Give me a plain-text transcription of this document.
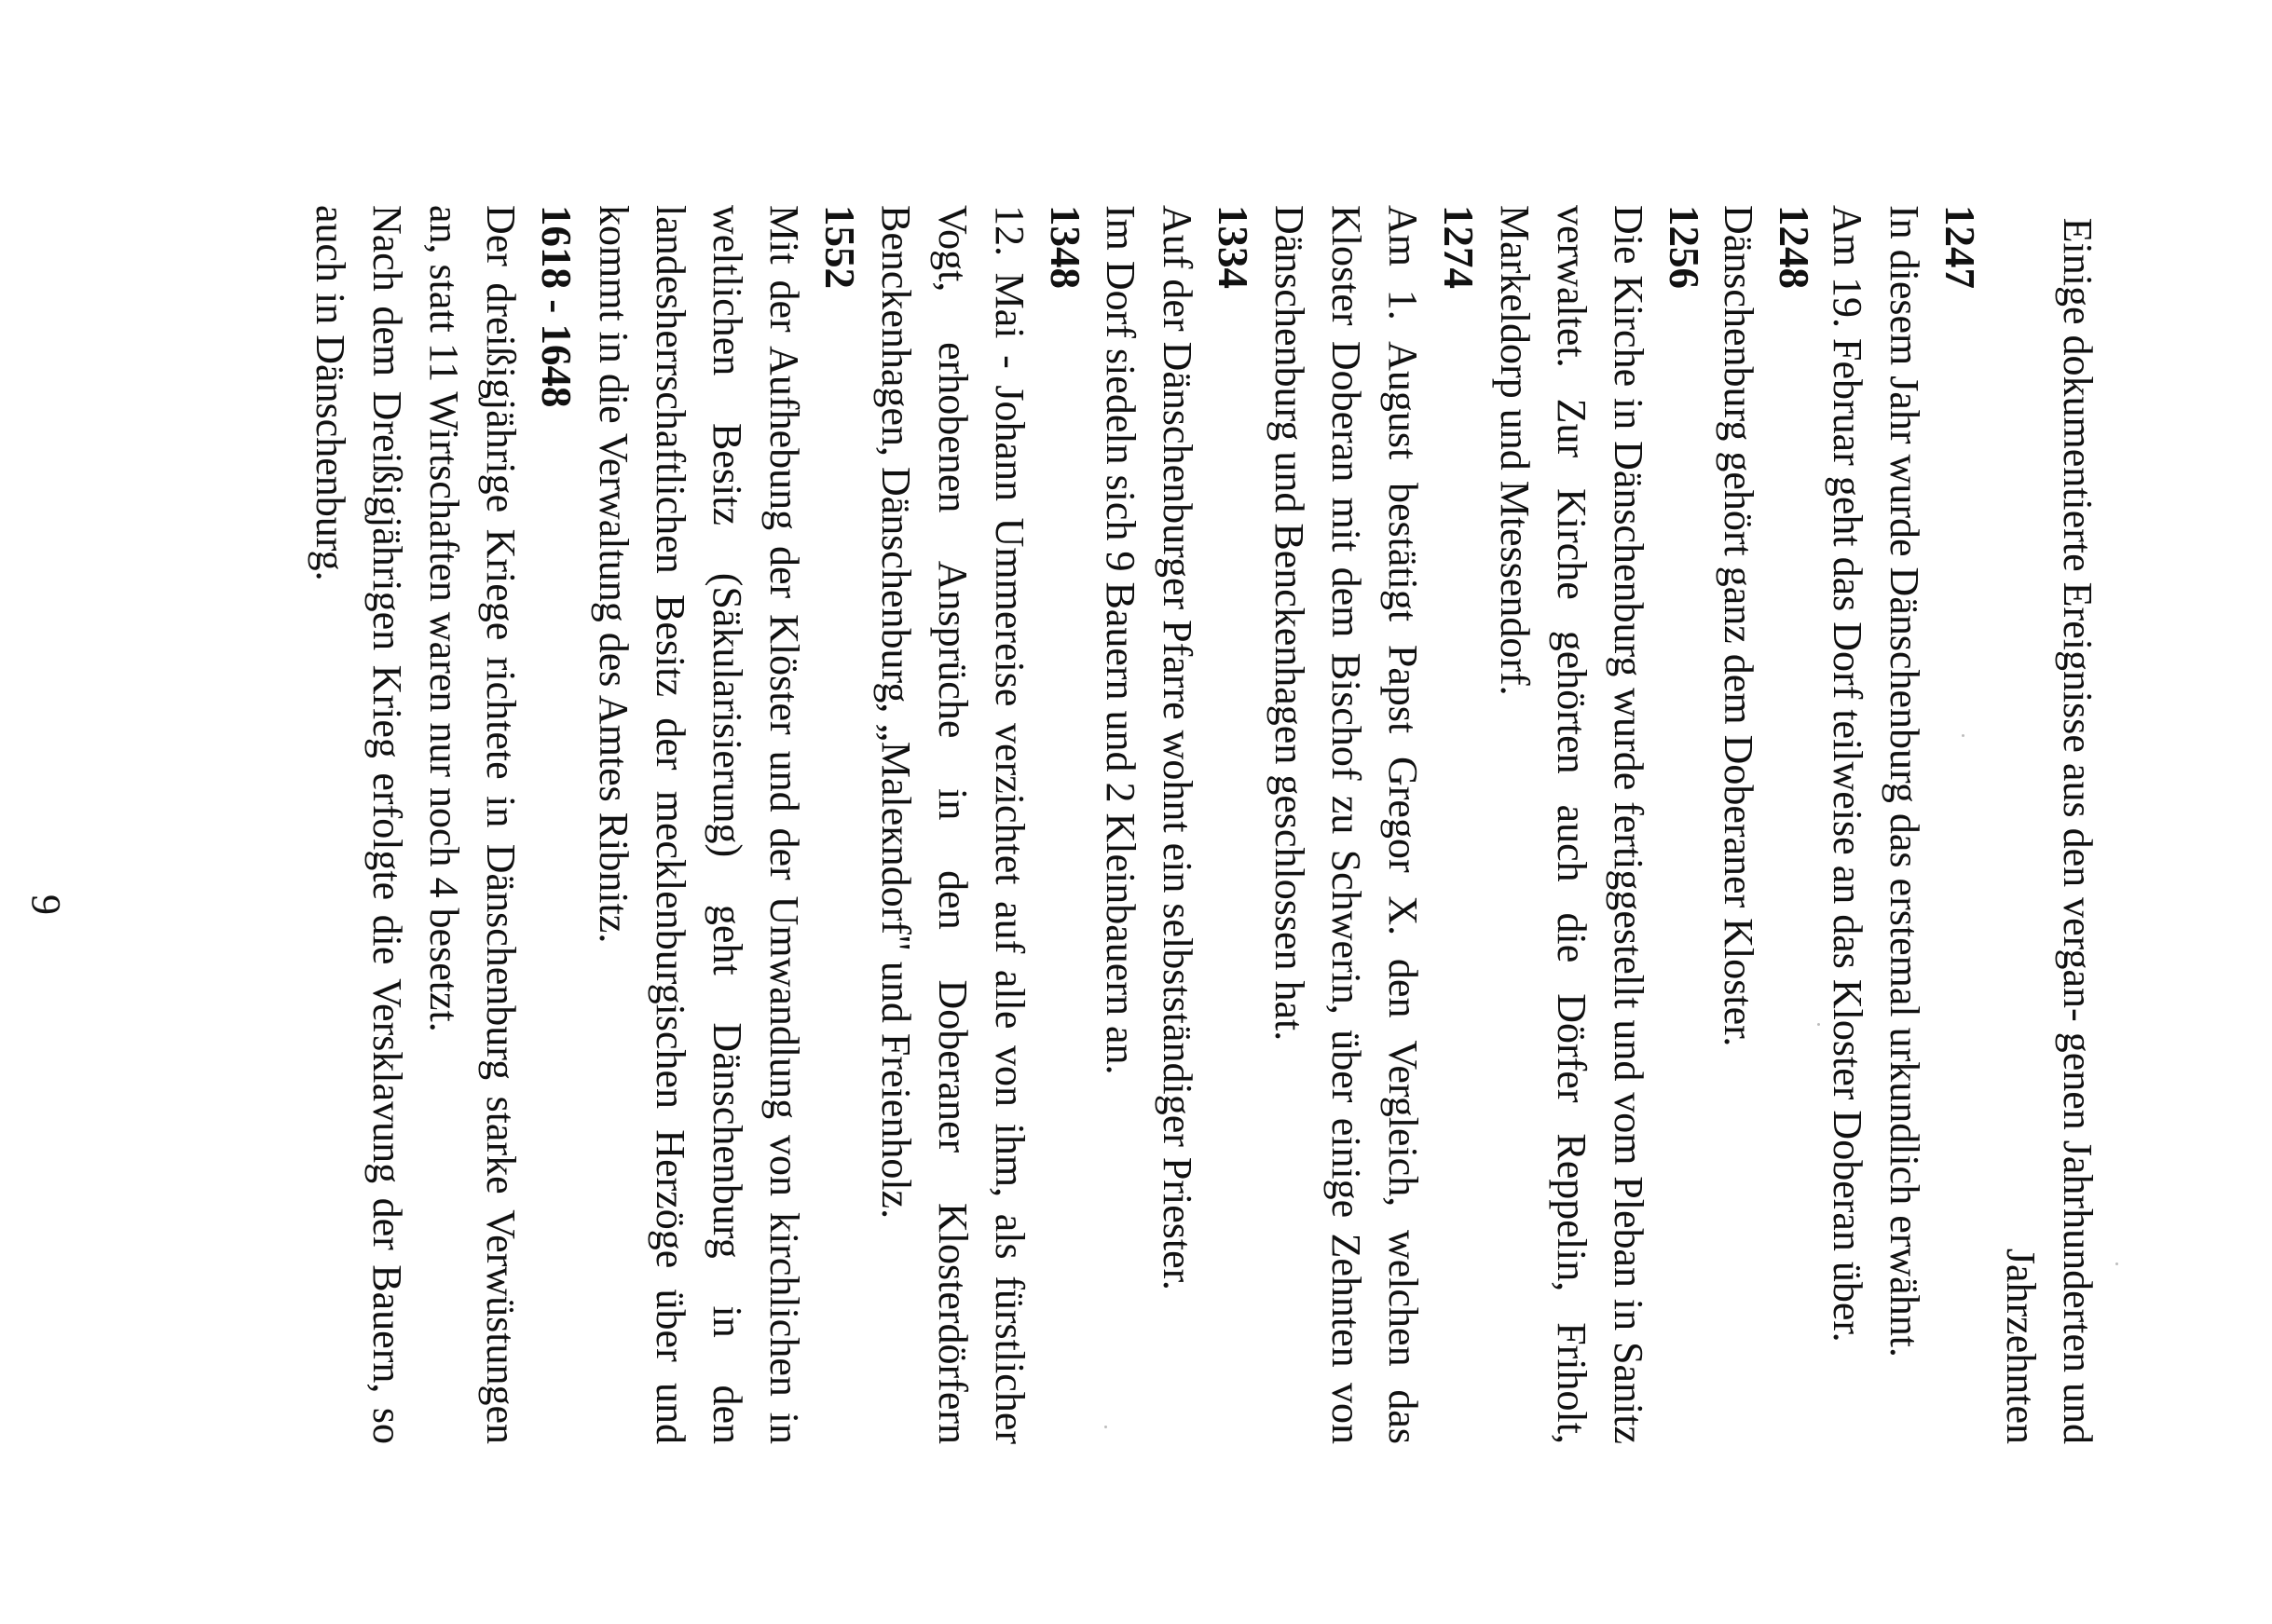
Einige dokumentierte Ereignisse aus den vergan- genen Jahrhunderten und
Jahrzehnten

1247

In diesem Jahr wurde Dänschenburg das erstemal urkundlich erwähnt.
Am 19. Februar geht das Dorf teilweise an das Kloster Doberan über.

1248

Dänschenburg gehört ganz dem Doberaner Kloster.

1256

Die Kirche in Dänschenburg wurde fertiggestellt und vom Pleban in Sanitz
verwaltet. Zur Kirche gehörten auch die Dörfer Reppelin, Friholt,
Markeldorp und Mtessendorf.

1274

Am 1. August bestätigt Papst Gregor X. den Vergleich, welchen das
Kloster Doberan mit dem Bischof zu Schwerin, über einige Zehnten von
Dänschenburg und Benckenhagen geschlossen hat.

1334

Auf der Dänschenburger Pfarre wohnt ein selbstständiger Priester.
Im Dorf siedeln sich 9 Bauern und 2 Kleinbauern an.

1348

12. Mai - Johann Ummereise verzichtet auf alle von ihm, als fürstlicher
Vogt, erhobenen Ansprüche in den Doberaner Klosterdörfern
Benckenhagen, Dänschenburg, „Maleкndorf" und Freienholz.

1552

Mit der Aufhebung der Klöster und der Umwandlung von kirchlichen in
weltlichen Besitz (Säkularisierung) geht Dänschenburg in den
landesherrschaftlichen Besitz der mecklenburgischen Herzöge über und
kommt in die Verwaltung des Amtes Ribnitz.

1618 - 1648

Der dreißigjährige Kriege richtete in Dänschenburg starke Verwüstungen
an, statt 11 Wirtschaften waren nur noch 4 besetzt.
Nach dem Dreißigjährigen Krieg erfolgte die Versklavung der Bauern, so
auch in Dänschenburg.

9
